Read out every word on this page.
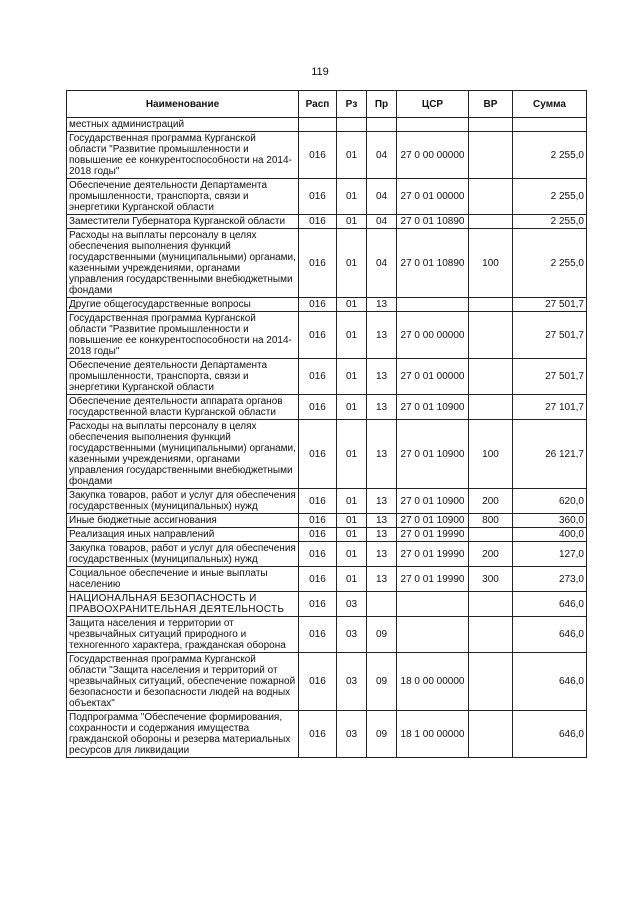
119
Наименование	Расп	Рз	Пр	ЦСР	ВР	Сумма
местных администраций						
Государственная программа Курганской области "Развитие промышленности и повышение ее конкурентоспособности на 2014-2018 годы"	016	01	04	27 0 00 00000		2 255,0
Обеспечение деятельности Департамента промышленности, транспорта, связи и энергетики Курганской области	016	01	04	27 0 01 00000		2 255,0
Заместители Губернатора Курганской области	016	01	04	27 0 01 10890		2 255,0
Расходы на выплаты персоналу в целях обеспечения выполнения функций государственными (муниципальными) органами, казенными учреждениями, органами управления государственными внебюджетными фондами	016	01	04	27 0 01 10890	100	2 255,0
Другие общегосударственные вопросы	016	01	13			27 501,7
Государственная программа Курганской области "Развитие промышленности и повышение ее конкурентоспособности на 2014-2018 годы"	016	01	13	27 0 00 00000		27 501,7
Обеспечение деятельности Департамента промышленности, транспорта, связи и энергетики Курганской области	016	01	13	27 0 01 00000		27 501,7
Обеспечение деятельности аппарата органов государственной власти Курганской области	016	01	13	27 0 01 10900		27 101,7
Расходы на выплаты персоналу в целях обеспечения выполнения функций государственными (муниципальными) органами, казенными учреждениями, органами управления государственными внебюджетными фондами	016	01	13	27 0 01 10900	100	26 121,7
Закупка товаров, работ и услуг для обеспечения государственных (муниципальных) нужд	016	01	13	27 0 01 10900	200	620,0
Иные бюджетные ассигнования	016	01	13	27 0 01 10900	800	360,0
Реализация иных направлений	016	01	13	27 0 01 19990		400,0
Закупка товаров, работ и услуг для обеспечения государственных (муниципальных) нужд	016	01	13	27 0 01 19990	200	127,0
Социальное обеспечение и иные выплаты населению	016	01	13	27 0 01 19990	300	273,0
НАЦИОНАЛЬНАЯ БЕЗОПАСНОСТЬ И ПРАВООХРАНИТЕЛЬНАЯ ДЕЯТЕЛЬНОСТЬ	016	03				646,0
Защита населения и территории от чрезвычайных ситуаций природного и техногенного характера, гражданская оборона	016	03	09			646,0
Государственная программа Курганской области "Защита населения и территорий от чрезвычайных ситуаций, обеспечение пожарной безопасности и безопасности людей на водных объектах"	016	03	09	18 0 00 00000		646,0
Подпрограмма "Обеспечение формирования, сохранности и содержания имущества гражданской обороны и резерва материальных ресурсов для ликвидации	016	03	09	18 1 00 00000		646,0
